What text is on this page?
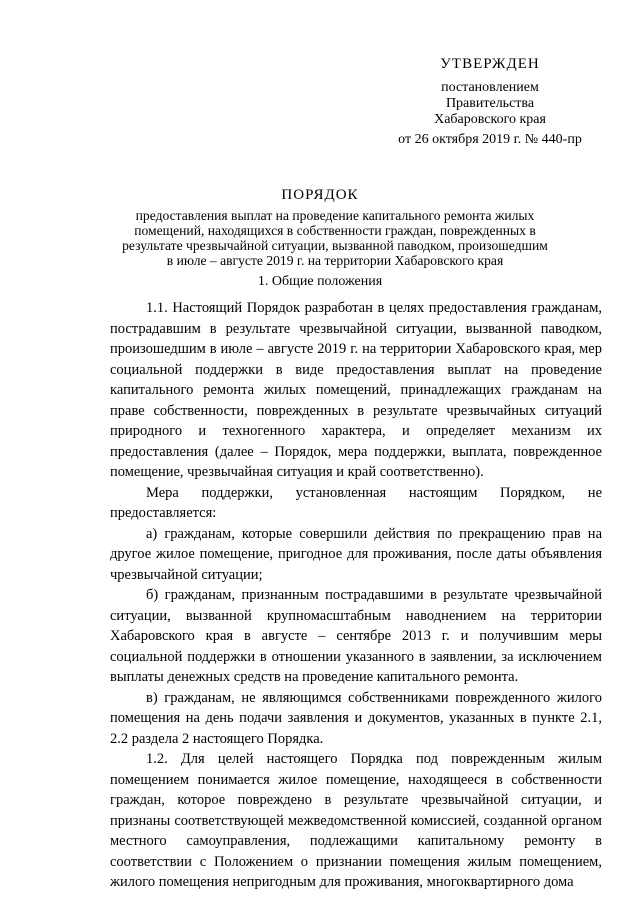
УТВЕРЖДЕН
постановлением
Правительства
Хабаровского края
от 26 октября 2019 г. № 440-пр
ПОРЯДОК
предоставления выплат на проведение капитального ремонта жилых помещений, находящихся в собственности граждан, поврежденных в результате чрезвычайной ситуации, вызванной паводком, произошедшим в июле – августе 2019 г. на территории Хабаровского края
1. Общие положения

1.1. Настоящий Порядок разработан в целях предоставления гражданам, пострадавшим в результате чрезвычайной ситуации, вызванной паводком, произошедшим в июле – августе 2019 г. на территории Хабаровского края, мер социальной поддержки в виде предоставления выплат на проведение капитального ремонта жилых помещений, принадлежащих гражданам на праве собственности, поврежденных в результате чрезвычайных ситуаций природного и техногенного характера, и определяет механизм их предоставления (далее – Порядок, мера поддержки, выплата, поврежденное помещение, чрезвычайная ситуация и край соответственно).

Мера поддержки, установленная настоящим Порядком, не предоставляется:

а) гражданам, которые совершили действия по прекращению прав на другое жилое помещение, пригодное для проживания, после даты объявления чрезвычайной ситуации;

б) гражданам, признанным пострадавшими в результате чрезвычайной ситуации, вызванной крупномасштабным наводнением на территории Хабаровского края в августе – сентябре 2013 г. и получившим меры социальной поддержки в отношении указанного в заявлении, за исключением выплаты денежных средств на проведение капитального ремонта.

в) гражданам, не являющимся собственниками поврежденного жилого помещения на день подачи заявления и документов, указанных в пункте 2.1, 2.2 раздела 2 настоящего Порядка.

1.2. Для целей настоящего Порядка под поврежденным жилым помещением понимается жилое помещение, находящееся в собственности граждан, которое повреждено в результате чрезвычайной ситуации, и признаны соответствующей межведомственной комиссией, созданной органом местного самоуправления, подлежащими капитальному ремонту в соответствии с Положением о признании помещения жилым помещением, жилого помещения непригодным для проживания, многоквартирного дома
